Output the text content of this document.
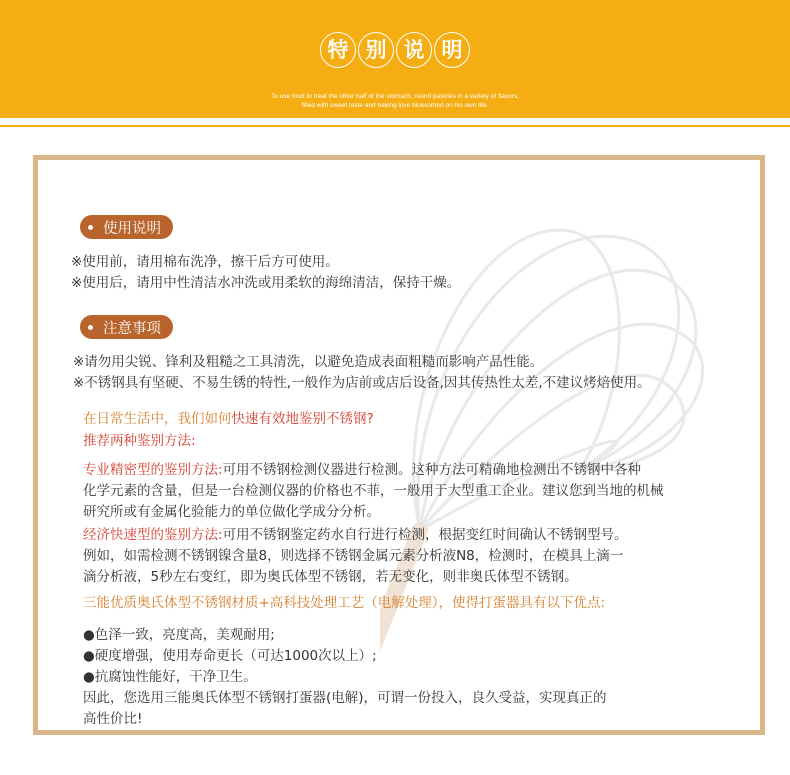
特 别 说 明
To use food to treat the other half of the stomach, round pastries in a variety of flavors,
filled with sweet taste and baking love blossomed on his own life.
使用说明
※使用前，请用棉布洗净，擦干后方可使用。
※使用后，请用中性清洁水冲洗或用柔软的海绵清洁，保持干燥。
注意事项
※请勿用尖锐、锋利及粗糙之工具清洗，以避免造成表面粗糙而影响产品性能。
※不锈钢具有坚硬、不易生锈的特性,一般作为店前或店后设备,因其传热性太差,不建议烤焙使用。
在日常生活中，我们如何快速有效地鉴别不锈钢?
推荐两种鉴别方法:
专业精密型的鉴别方法:可用不锈钢检测仪器进行检测。这种方法可精确地检测出不锈钢中各种
化学元素的含量，但是一台检测仪器的价格也不菲，一般用于大型重工企业。建议您到当地的机械
研究所或有金属化验能力的单位做化学成分分析。
经济快速型的鉴别方法:可用不锈钢鉴定药水自行进行检测，根据变红时间确认不锈钢型号。
例如，如需检测不锈钢镍含量8，则选择不锈钢金属元素分析液N8，检测时，在模具上滴一
滴分析液，5秒左右变红，即为奥氏体型不锈钢，若无变化，则非奥氏体型不锈钢。
三能优质奥氏体型不锈钢材质+高科技处理工艺（电解处理），使得打蛋器具有以下优点:
●色泽一致，亮度高，美观耐用;
●硬度增强，使用寿命更长（可达1000次以上）;
●抗腐蚀性能好，干净卫生。
因此，您选用三能奥氏体型不锈钢打蛋器(电解)，可谓一份投入，良久受益，实现真正的
高性价比!
